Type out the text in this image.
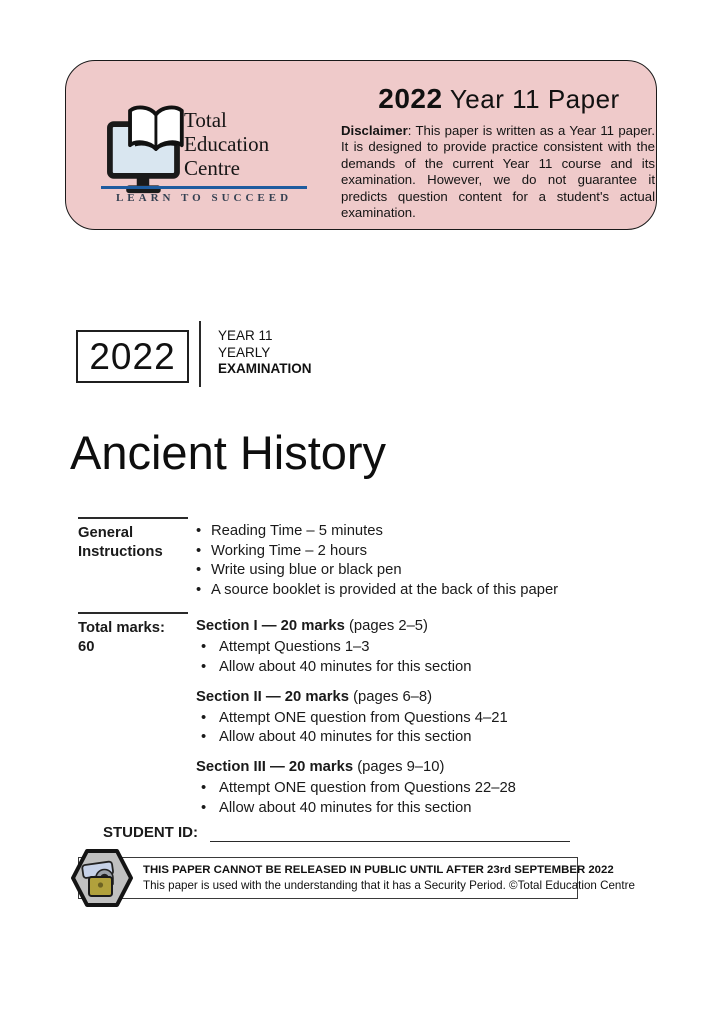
Total
Education
Centre
LEARN TO SUCCEED
2022 Year 11 Paper

Disclaimer: This paper is written as a Year 11 paper. It is designed to provide practice consistent with the demands of the current Year 11 course and its examination. However, we do not guarantee it predicts question content for a student's actual examination.

2022	YEAR 11
YEARLY
EXAMINATION
Ancient History
General
Instructions
•
Reading Time – 5 minutes
•
Working Time – 2 hours
•
Write using blue or black pen
•
A source booklet is provided at the back of this paper
Total marks:
60

Section I — 20 marks (pages 2–5)

•
Attempt Questions 1–3
•
Allow about 40 minutes for this section

Section II — 20 marks (pages 6–8)

•
Attempt ONE question from Questions 4–21
•
Allow about 40 minutes for this section

Section III — 20 marks (pages 9–10)

•
Attempt ONE question from Questions 22–28
•
Allow about 40 minutes for this section
STUDENT ID:
THIS PAPER CANNOT BE RELEASED IN PUBLIC UNTIL AFTER 23rd SEPTEMBER 2022
This paper is used with the understanding that it has a Security Period. ©Total Education Centre
